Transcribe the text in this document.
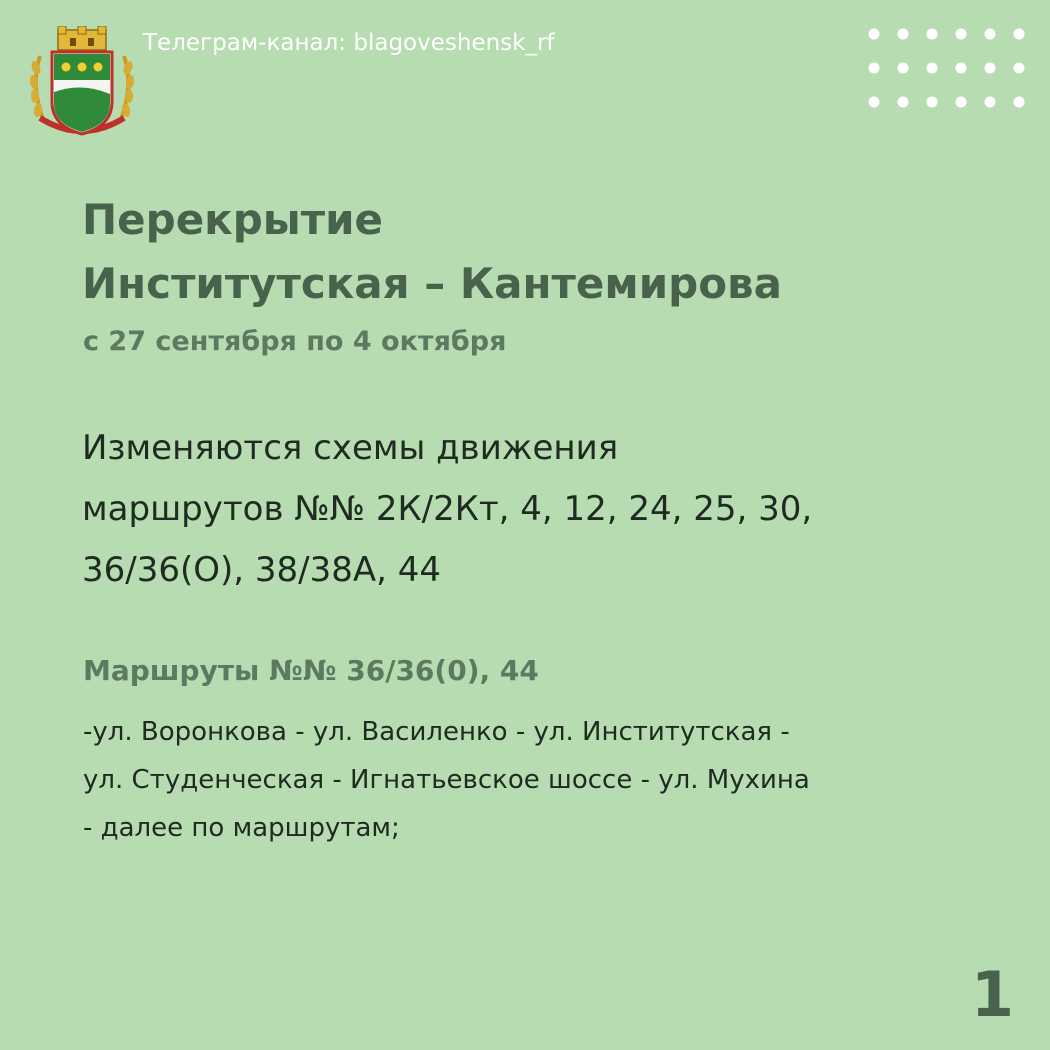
Телеграм-канал: blagoveshensk_rf
Перекрытие
Институтская – Кантемирова
с 27 сентября по 4 октября
Изменяются схемы движения
маршрутов №№ 2К/2Кт, 4, 12, 24, 25, 30,
36/36(О), 38/38А, 44
Маршруты №№ 36/36(0), 44
-ул. Воронкова - ул. Василенко - ул. Институтская -
ул. Студенческая - Игнатьевское шоссе - ул. Мухина
- далее по маршрутам;
1
